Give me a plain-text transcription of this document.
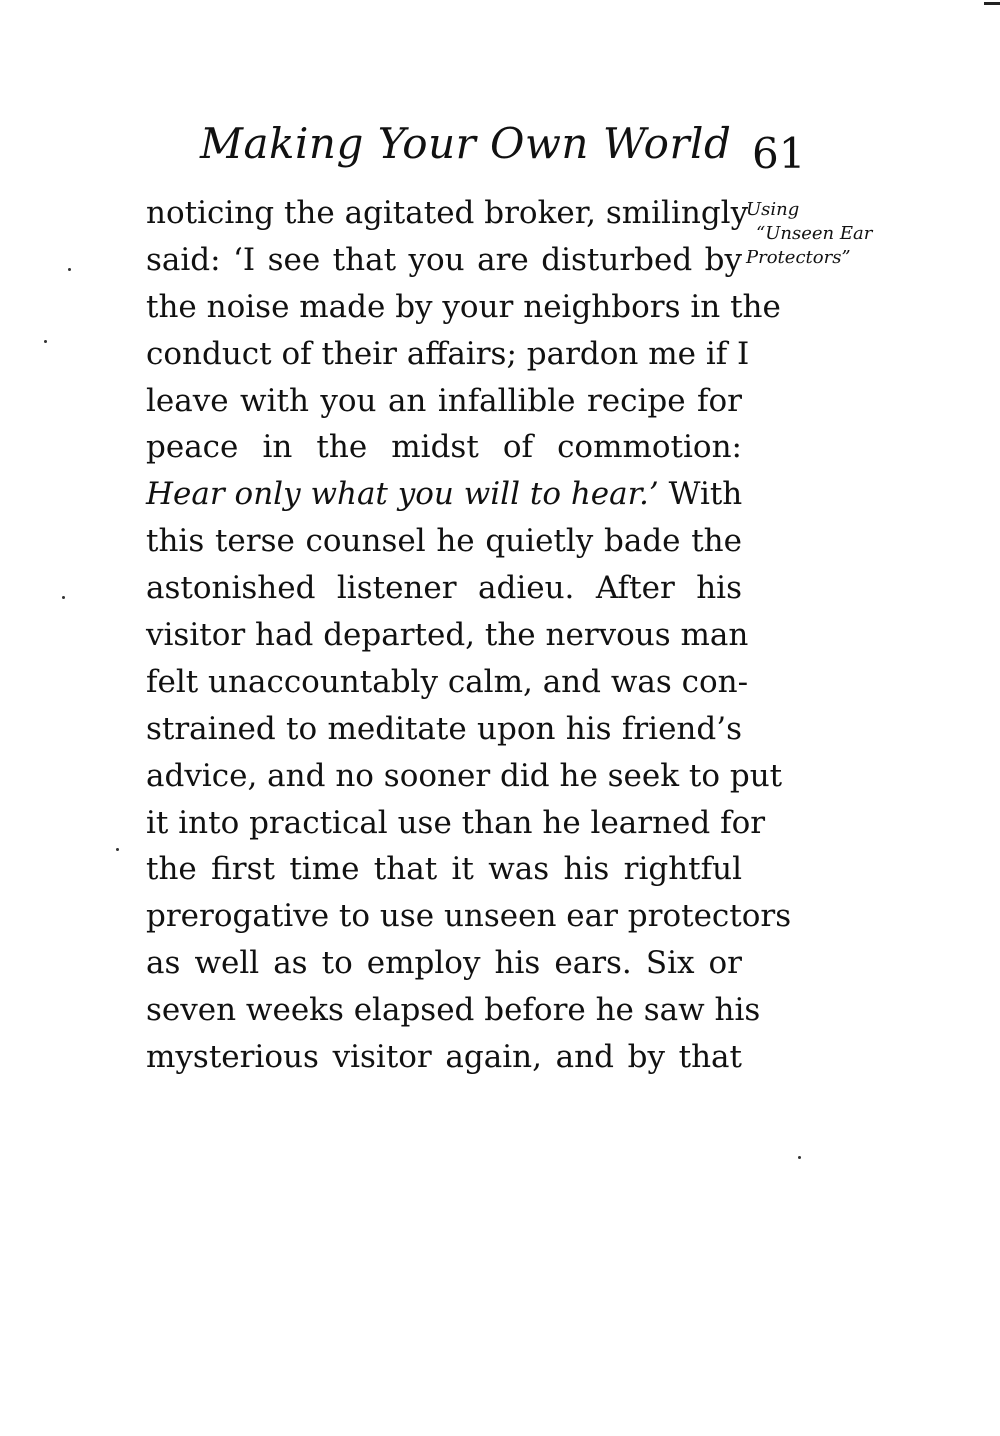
Making Your Own World 61
Using
“Unseen Ear
Protectors”
noticing the agitated broker, smilingly
said: ‘I see that you are disturbed by
the noise made by your neighbors in the
conduct of their affairs; pardon me if I
leave with you an infallible recipe for
peace in the midst of commotion:
Hear only what you will to hear.’ With
this terse counsel he quietly bade the
astonished listener adieu. After his
visitor had departed, the nervous man
felt unaccountably calm, and was con-
strained to meditate upon his friend’s
advice, and no sooner did he seek to put
it into practical use than he learned for
the first time that it was his rightful
prerogative to use unseen ear protectors
as well as to employ his ears. Six or
seven weeks elapsed before he saw his
mysterious visitor again, and by that
